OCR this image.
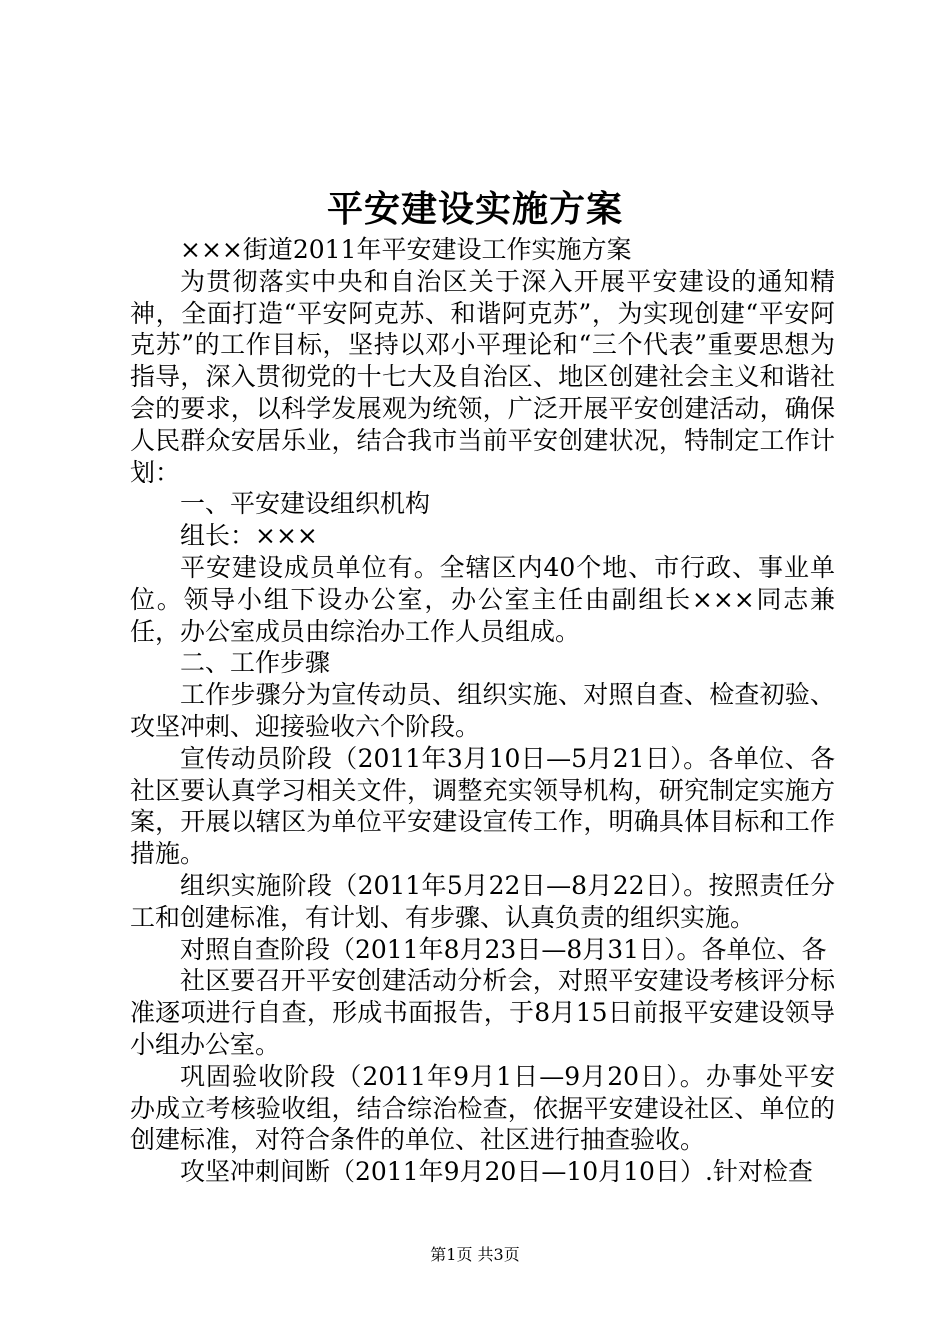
平安建设实施方案

×××街道2011年平安建设工作实施方案

为贯彻落实中央和自治区关于深入开展平安建设的通知精神，全面打造“平安阿克苏、和谐阿克苏”，为实现创建“平安阿克苏”的工作目标，坚持以邓小平理论和“三个代表”重要思想为指导，深入贯彻党的十七大及自治区、地区创建社会主义和谐社会的要求，以科学发展观为统领，广泛开展平安创建活动，确保人民群众安居乐业，结合我市当前平安创建状况，特制定工作计划：

一、平安建设组织机构

组长：×××

平安建设成员单位有。全辖区内40个地、市行政、事业单位。领导小组下设办公室，办公室主任由副组长×××同志兼任，办公室成员由综治办工作人员组成。

二、工作步骤

工作步骤分为宣传动员、组织实施、对照自查、检查初验、攻坚冲刺、迎接验收六个阶段。

宣传动员阶段（2011年3月10日—5月21日）。各单位、各社区要认真学习相关文件，调整充实领导机构，研究制定实施方案，开展以辖区为单位平安建设宣传工作，明确具体目标和工作措施。

组织实施阶段（2011年5月22日—8月22日）。按照责任分工和创建标准，有计划、有步骤、认真负责的组织实施。

对照自查阶段（2011年8月23日—8月31日）。各单位、各

社区要召开平安创建活动分析会，对照平安建设考核评分标准逐项进行自查，形成书面报告，于8月15日前报平安建设领导小组办公室。

巩固验收阶段（2011年9月1日—9月20日）。办事处平安办成立考核验收组，结合综治检查，依据平安建设社区、单位的创建标准，对符合条件的单位、社区进行抽查验收。

攻坚冲刺间断（2011年9月20日—10月10日）.针对检查

第1页 共3页
